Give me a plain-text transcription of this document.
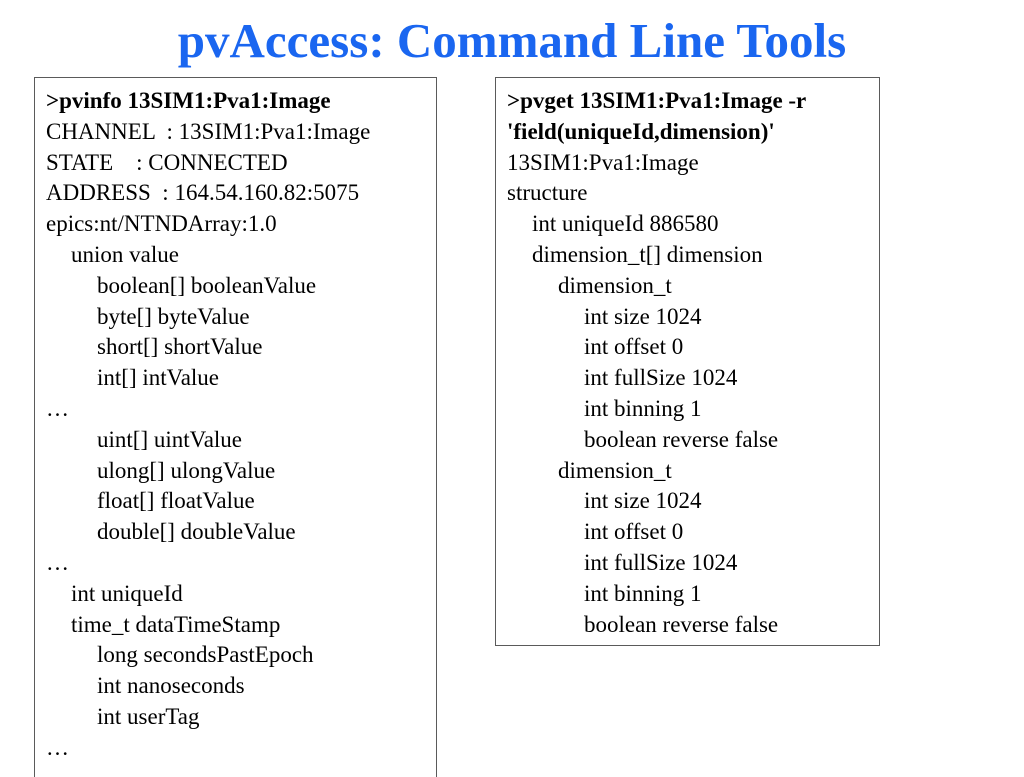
pvAccess: Command Line Tools
>pvinfo 13SIM1:Pva1:Image
CHANNEL  : 13SIM1:Pva1:Image
STATE    : CONNECTED
ADDRESS  : 164.54.160.82:5075
epics:nt/NTNDArray:1.0
union value
boolean[] booleanValue
byte[] byteValue
short[] shortValue
int[] intValue
…
uint[] uintValue
ulong[] ulongValue
float[] floatValue
double[] doubleValue
…
int uniqueId
time_t dataTimeStamp
long secondsPastEpoch
int nanoseconds
int userTag
…
>pvget 13SIM1:Pva1:Image -r
'field(uniqueId,dimension)'
13SIM1:Pva1:Image
structure
int uniqueId 886580
dimension_t[] dimension
dimension_t
int size 1024
int offset 0
int fullSize 1024
int binning 1
boolean reverse false
dimension_t
int size 1024
int offset 0
int fullSize 1024
int binning 1
boolean reverse false
